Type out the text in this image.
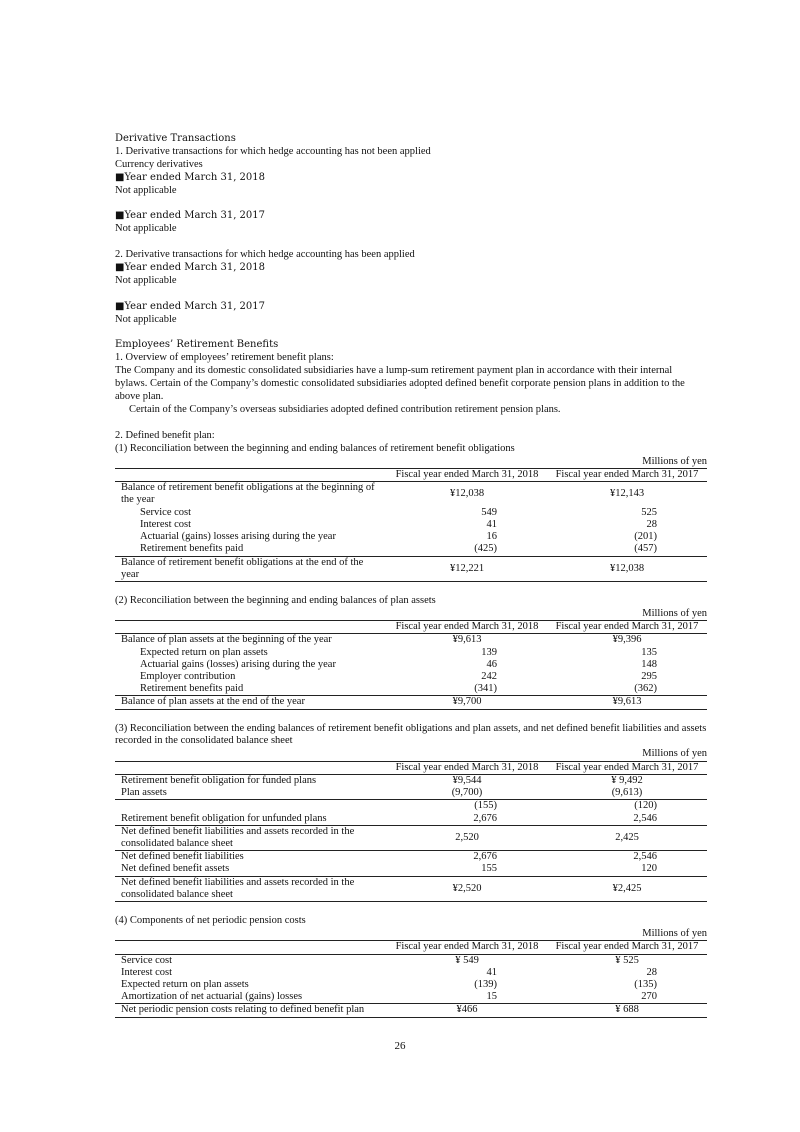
Derivative Transactions
1. Derivative transactions for which hedge accounting has not been applied
Currency derivatives
■Year ended March 31, 2018
Not applicable
■Year ended March 31, 2017
Not applicable
2. Derivative transactions for which hedge accounting has been applied
■Year ended March 31, 2018
Not applicable
■Year ended March 31, 2017
Not applicable
Employees’ Retirement Benefits
1. Overview of employees’ retirement benefit plans:
The Company and its domestic consolidated subsidiaries have a lump-sum retirement payment plan in accordance with their internal bylaws. Certain of the Company’s domestic consolidated subsidiaries adopted defined benefit corporate pension plans in addition to the above plan.
Certain of the Company’s overseas subsidiaries adopted defined contribution retirement pension plans.
2. Defined benefit plan:
(1) Reconciliation between the beginning and ending balances of retirement benefit obligations
Millions of yen
	Fiscal year ended March 31, 2018	Fiscal year ended March 31, 2017
Balance of retirement benefit obligations at the beginning of the year	¥12,038	¥12,143
Service cost	549	525
Interest cost	41	28
Actuarial (gains) losses arising during the year	16	(201)
Retirement benefits paid	(425)	(457)
Balance of retirement benefit obligations at the end of the year	¥12,221	¥12,038
(2) Reconciliation between the beginning and ending balances of plan assets
Millions of yen
	Fiscal year ended March 31, 2018	Fiscal year ended March 31, 2017
Balance of plan assets at the beginning of the year	¥9,613	¥9,396
Expected return on plan assets	139	135
Actuarial gains (losses) arising during the year	46	148
Employer contribution	242	295
Retirement benefits paid	(341)	(362)
Balance of plan assets at the end of the year	¥9,700	¥9,613
(3) Reconciliation between the ending balances of retirement benefit obligations and plan assets, and net defined benefit liabilities and assets recorded in the consolidated balance sheet
Millions of yen
	Fiscal year ended March 31, 2018	Fiscal year ended March 31, 2017
Retirement benefit obligation for funded plans	¥9,544	¥ 9,492
Plan assets	(9,700)	(9,613)
	(155)	(120)
Retirement benefit obligation for unfunded plans	2,676	2,546
Net defined benefit liabilities and assets recorded in the consolidated balance sheet	2,520	2,425
Net defined benefit liabilities	2,676	2,546
Net defined benefit assets	155	120
Net defined benefit liabilities and assets recorded in the consolidated balance sheet	¥2,520	¥2,425
(4) Components of net periodic pension costs
Millions of yen
	Fiscal year ended March 31, 2018	Fiscal year ended March 31, 2017
Service cost	¥ 549	¥ 525
Interest cost	41	28
Expected return on plan assets	(139)	(135)
Amortization of net actuarial (gains) losses	15	270
Net periodic pension costs relating to defined benefit plan	¥466	¥ 688
26
